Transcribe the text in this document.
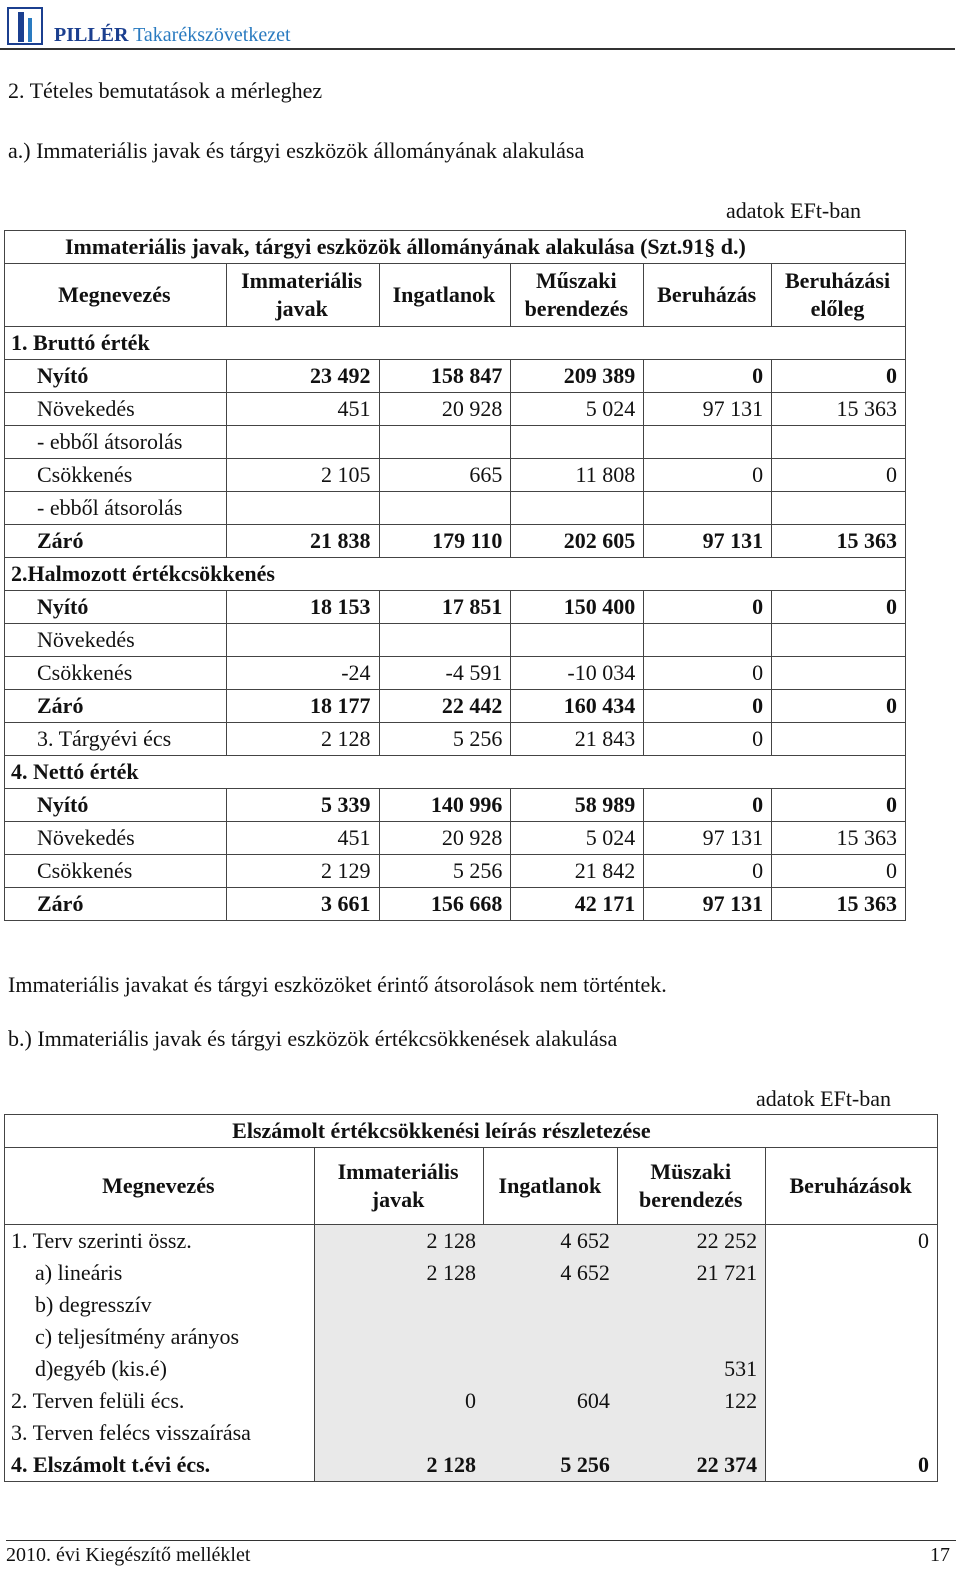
PILLÉR Takarékszövetkezet
2. Tételes bemutatások a mérleghez
a.) Immateriális javak és tárgyi eszközök állományának alakulása
adatok EFt-ban
Immateriális javak, tárgyi eszközök állományának alakulása (Szt.91§ d.)					
Megnevezés	Immateriális javak	Ingatlanok	Műszaki berendezés	Beruházás	Beruházási előleg
1. Bruttó érték					
Nyító	23 492	158 847	209 389	0	0
Növekedés	451	20 928	5 024	97 131	15 363
- ebből átsorolás					
Csökkenés	2 105	665	11 808	0	0
- ebből átsorolás					
Záró	21 838	179 110	202 605	97 131	15 363
2.Halmozott értékcsökkenés					
Nyító	18 153	17 851	150 400	0	0
Növekedés					
Csökkenés	-24	-4 591	-10 034	0	
Záró	18 177	22 442	160 434	0	0
3. Tárgyévi écs	2 128	5 256	21 843	0	
4. Nettó érték					
Nyító	5 339	140 996	58 989	0	0
Növekedés	451	20 928	5 024	97 131	15 363
Csökkenés	2 129	5 256	21 842	0	0
Záró	3 661	156 668	42 171	97 131	15 363
Immateriális javakat és tárgyi eszközöket érintő átsorolások nem történtek.
b.) Immateriális javak és tárgyi eszközök értékcsökkenések alakulása
adatok EFt-ban
	Elszámolt értékcsökkenési leírás részletezése
Megnevezés	Immateriális javak	Ingatlanok	Müszaki berendezés	Beruházások
1. Terv szerinti össz.	2 128	4 652	22 252	0
a) lineáris	2 128	4 652	21 721	
b) degresszív				
c) teljesítmény arányos				
d)egyéb (kis.é)			531	
2. Terven felüli écs.	0	604	122	
3. Terven felécs visszaírása				
4. Elszámolt t.évi écs.	2 128	5 256	22 374	0
2010. évi Kiegészítő melléklet	17
